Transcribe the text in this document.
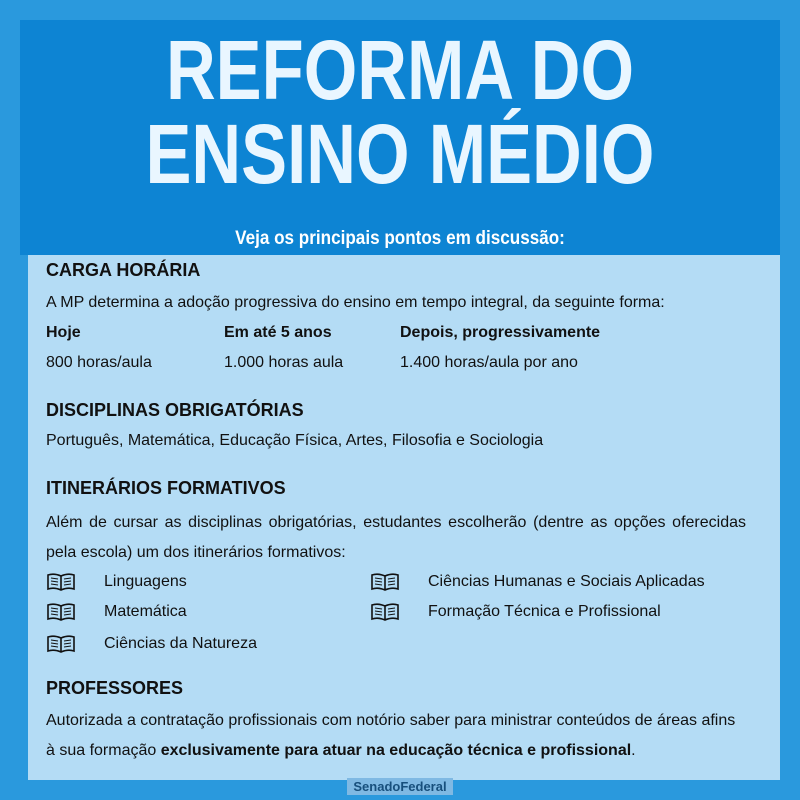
REFORMA DO
ENSINO MÉDIO
Veja os principais pontos em discussão:
CARGA HORÁRIA
A MP determina a adoção progressiva do ensino em tempo integral, da seguinte forma:
Hoje	Em até 5 anos	Depois, progressivamente
800 horas/aula	1.000 horas aula	1.400 horas/aula por ano
DISCIPLINAS OBRIGATÓRIAS
Português, Matemática, Educação Física, Artes, Filosofia e Sociologia
ITINERÁRIOS FORMATIVOS
Além de cursar as disciplinas obrigatórias, estudantes escolherão (dentre as opções oferecidas pela escola) um dos itinerários formativos:
Linguagens
Matemática
Ciências da Natureza
Ciências Humanas e Sociais Aplicadas
Formação Técnica e Profissional
PROFESSORES
Autorizada a contratação profissionais com notório saber para ministrar conteúdos de áreas afins à sua formação exclusivamente para atuar na educação técnica e profissional.
SenadoFederal
